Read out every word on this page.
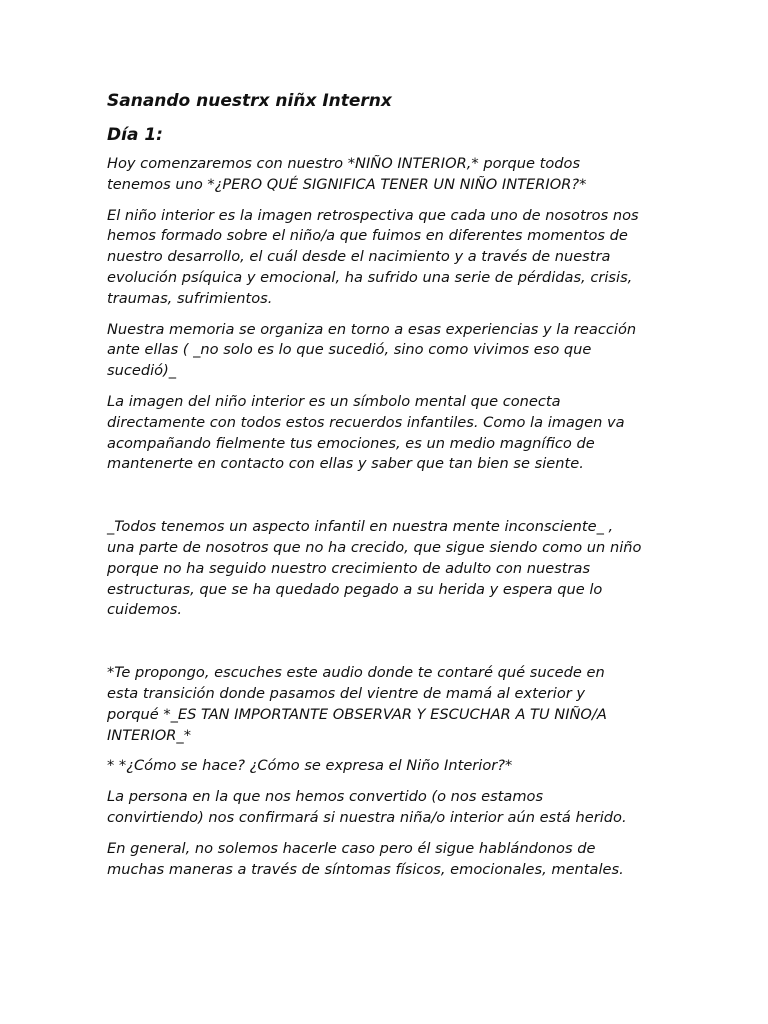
Sanando nuestrx niñx Internx
Día 1:

Hoy comenzaremos con nuestro *NIÑO INTERIOR,* porque todos
tenemos uno *¿PERO QUÉ SIGNIFICA TENER UN NIÑO INTERIOR?* ￼

El niño interior es la imagen retrospectiva que cada uno de nosotros nos
hemos formado sobre el niño/a que fuimos en diferentes momentos de
nuestro desarrollo, el cuál desde el nacimiento y a través de nuestra
evolución psíquica y emocional, ha sufrido una serie de pérdidas, crisis,
traumas, sufrimientos.

Nuestra memoria se organiza en torno a esas experiencias y la reacción
ante ellas ( _no solo es lo que sucedió, sino como vivimos eso que
sucedió)_

La imagen del niño interior es un símbolo mental que conecta
directamente con todos estos recuerdos infantiles. Como la imagen va
acompañando fielmente tus emociones, es un medio magnífico de
mantenerte en contacto con ellas y saber que tan bien se siente.

_Todos tenemos un aspecto infantil en nuestra mente inconsciente_ ,
una parte de nosotros que no ha crecido, que sigue siendo como un niño
porque no ha seguido nuestro crecimiento de adulto con nuestras
estructuras, que se ha quedado pegado a su herida y espera que lo
cuidemos.

*Te propongo, escuches este audio donde te contaré qué sucede en
esta transición donde pasamos del vientre de mamá ￼al exterior y
porqué *_ES TAN IMPORTANTE OBSERVAR Y ESCUCHAR A TU NIÑO/A
INTERIOR_*

* *¿Cómo se hace? ¿Cómo se expresa el Niño Interior?*

La persona en la que nos hemos convertido (o nos estamos
convirtiendo) nos confirmará si nuestra niña/o interior aún está herido.

En general, no solemos hacerle caso pero él sigue hablándonos de
muchas maneras a través de síntomas físicos, emocionales, mentales.
